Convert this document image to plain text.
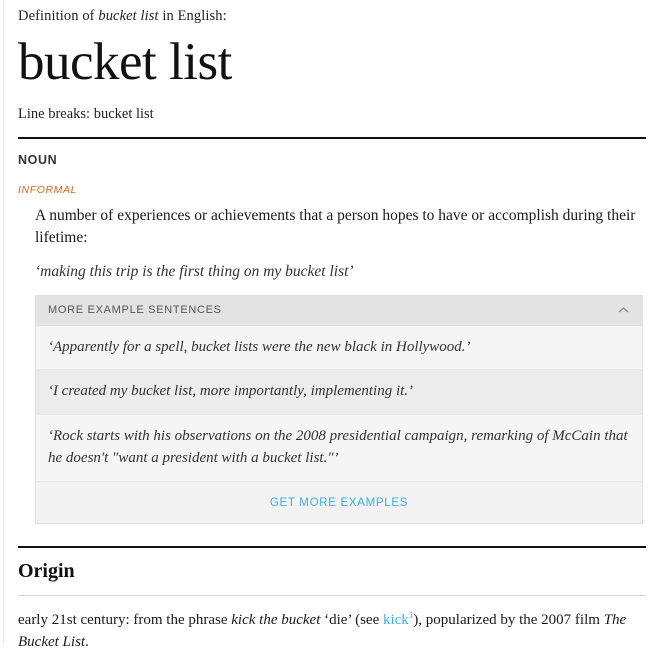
Definition of bucket list in English:
bucket list
Line breaks: bucket list
NOUN
INFORMAL
A number of experiences or achievements that a person hopes to have or accomplish during their lifetime:
‘making this trip is the first thing on my bucket list’
MORE EXAMPLE SENTENCES
‘Apparently for a spell, bucket lists were the new black in Hollywood.’
‘I created my bucket list, more importantly, implementing it.’
‘Rock starts with his observations on the 2008 presidential campaign, remarking of McCain that he doesn't "want a president with a bucket list."’
GET MORE EXAMPLES
Origin
early 21st century: from the phrase kick the bucket ‘die’ (see kick$^1$), popularized by the 2007 film The Bucket List.
